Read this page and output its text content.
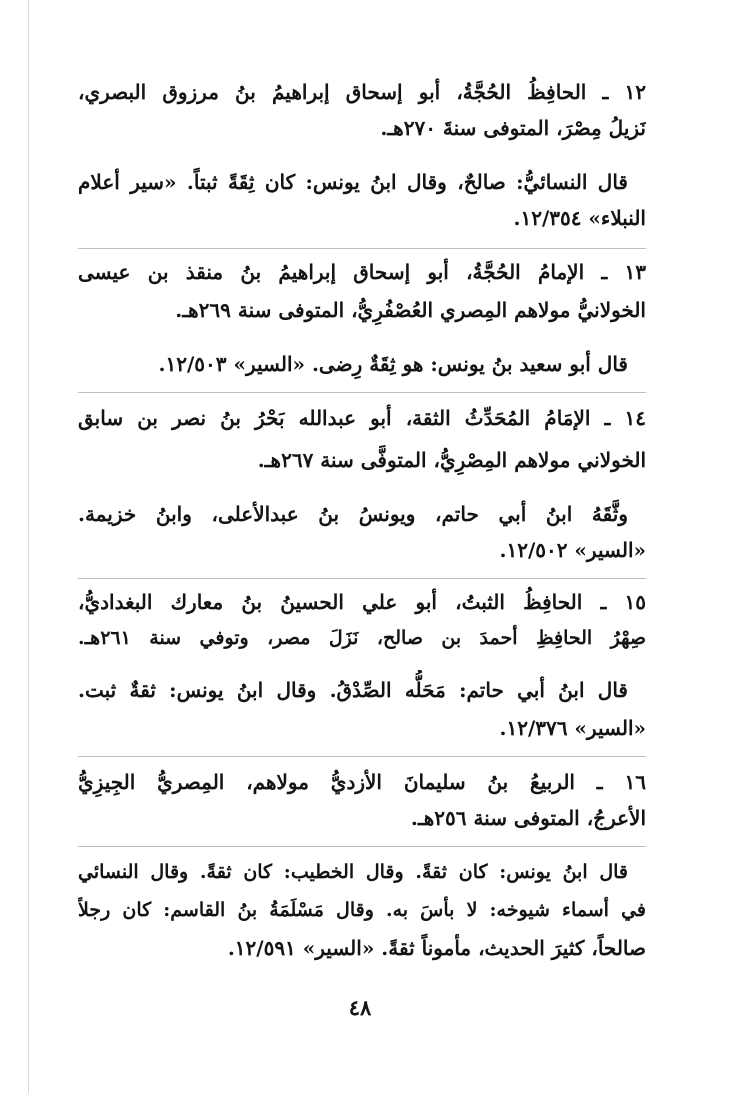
١٢ ـ الحافِظُ الحُجَّةُ، أبو إسحاق إبراهيمُ بنُ مرزوق البصري،
نَزيلُ مِصْرَ، المتوفى سنةَ ٢٧٠هـ.
قال النسائيُّ: صالحٌ، وقال ابنُ يونس: كان ثِقَةً ثبتاً. «سير أعلام
النبلاء» ١٢/٣٥٤.
١٣ ـ الإمامُ الحُجَّةُ، أبو إسحاق إبراهيمُ بنُ منقذ بن عيسى
الخولانيُّ مولاهم المِصري العُصْفُرِيُّ، المتوفى سنة ٢٦٩هـ.
قال أبو سعيد بنُ يونس: هو ثِقَةٌ رِضى. «السير» ١٢/٥٠٣.
١٤ ـ الإمَامُ المُحَدِّثُ الثقة، أبو عبدالله بَحْرُ بنُ نصر بن سابق
الخولاني مولاهم المِصْرِيُّ، المتوفَّى سنة ٢٦٧هـ.
وثَّقَهُ ابنُ أبي حاتم، ويونسُ بنُ عبدالأعلى، وابنُ خزيمة.
«السير» ١٢/٥٠٢.
١٥ ـ الحافِظُ الثبتُ، أبو علي الحسينُ بنُ معارك البغداديُّ،
صِهْرُ الحافِظِ أحمدَ بن صالح، نَزَلَ مصر، وتوفي سنة ٢٦١هـ.
قال ابنُ أبي حاتم: مَحَلُّه الصِّدْقُ. وقال ابنُ يونس: ثقةٌ ثبت.
«السير» ١٢/٣٧٦.
١٦ ـ الربيعُ بنُ سليمانَ الأزديُّ مولاهم، المِصريُّ الجِيزِيُّ
الأعرجُ، المتوفى سنة ٢٥٦هـ.
قال ابنُ يونس: كان ثقةً. وقال الخطيب: كان ثقةً. وقال النسائي
في أسماء شيوخه: لا بأسَ به. وقال مَسْلَمَةُ بنُ القاسم: كان رجلاً
صالحاً، كثيرَ الحديث، مأموناً ثقةً. «السير» ١٢/٥٩١.
٤٨
